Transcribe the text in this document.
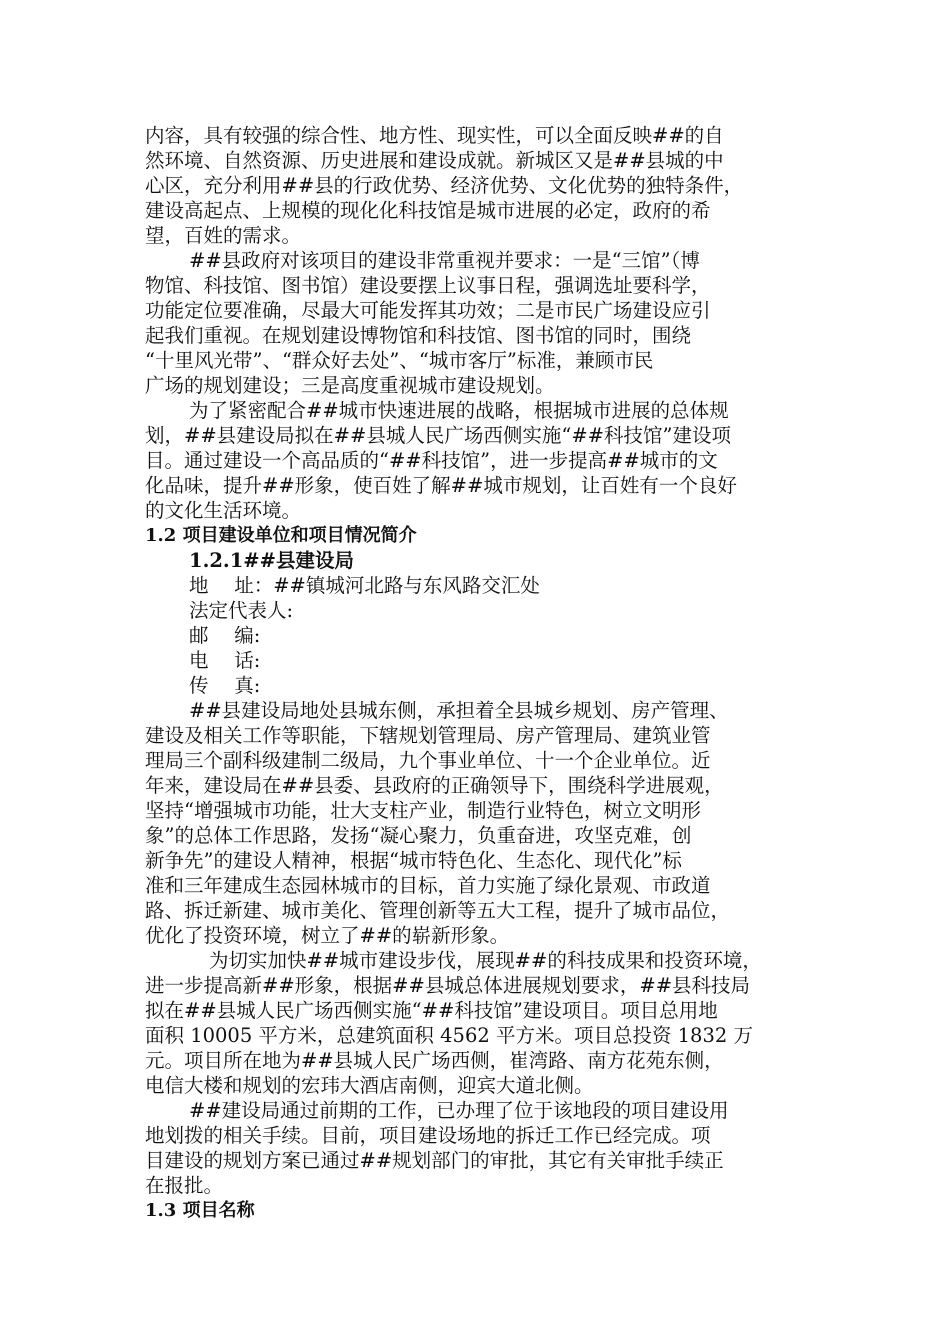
内容，具有较强的综合性、地方性、现实性，可以全面反映##的自
然环境、自然资源、历史进展和建设成就。新城区又是##县城的中
心区，充分利用##县的行政优势、经济优势、文化优势的独特条件，
建设高起点、上规模的现化化科技馆是城市进展的必定，政府的希
望，百姓的需求。
##县政府对该项目的建设非常重视并要求：一是“三馆”（博
物馆、科技馆、图书馆）建设要摆上议事日程，强调选址要科学，
功能定位要准确，尽最大可能发挥其功效；二是市民广场建设应引
起我们重视。在规划建设博物馆和科技馆、图书馆的同时，围绕
“十里风光带”、“群众好去处”、“城市客厅”标准，兼顾市民
广场的规划建设；三是高度重视城市建设规划。
为了紧密配合##城市快速进展的战略，根据城市进展的总体规
划，##县建设局拟在##县城人民广场西侧实施“##科技馆”建设项
目。通过建设一个高品质的“##科技馆”，进一步提高##城市的文
化品味，提升##形象，使百姓了解##城市规划，让百姓有一个良好
的文化生活环境。
1.2 项目建设单位和项目情况简介
1.2.1##县建设局
地　 址：##镇城河北路与东风路交汇处
法定代表人:
邮　 编:
电　 话:
传　 真:
##县建设局地处县城东侧，承担着全县城乡规划、房产管理、
建设及相关工作等职能，下辖规划管理局、房产管理局、建筑业管
理局三个副科级建制二级局，九个事业单位、十一个企业单位。近
年来，建设局在##县委、县政府的正确领导下，围绕科学进展观，
坚持“增强城市功能，壮大支柱产业，制造行业特色，树立文明形
象”的总体工作思路，发扬“凝心聚力，负重奋进，攻坚克难，创
新争先”的建设人精神，根据“城市特色化、生态化、现代化”标
准和三年建成生态园林城市的目标，首力实施了绿化景观、市政道
路、拆迁新建、城市美化、管理创新等五大工程，提升了城市品位，
优化了投资环境，树立了##的崭新形象。
为切实加快##城市建设步伐，展现##的科技成果和投资环境，
进一步提高新##形象，根据##县城总体进展规划要求，##县科技局
拟在##县城人民广场西侧实施“##科技馆”建设项目。项目总用地
面积 10005 平方米，总建筑面积 4562 平方米。项目总投资 1832 万
元。项目所在地为##县城人民广场西侧，崔湾路、南方花苑东侧，
电信大楼和规划的宏玮大酒店南侧，迎宾大道北侧。
##建设局通过前期的工作，已办理了位于该地段的项目建设用
地划拨的相关手续。目前，项目建设场地的拆迁工作已经完成。项
目建设的规划方案已通过##规划部门的审批，其它有关审批手续正
在报批。
1.3 项目名称
